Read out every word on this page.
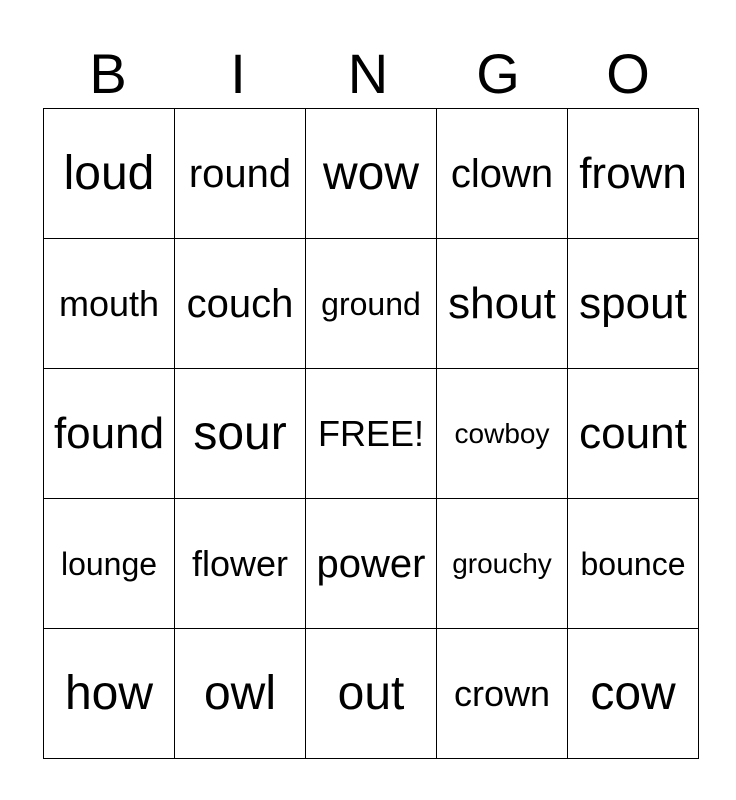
B	I	N	G	O
loud	round	wow	clown	frown
mouth	couch	ground	shout	spout
found	sour	FREE!	cowboy	count
lounge	flower	power	grouchy	bounce
how	owl	out	crown	cow
